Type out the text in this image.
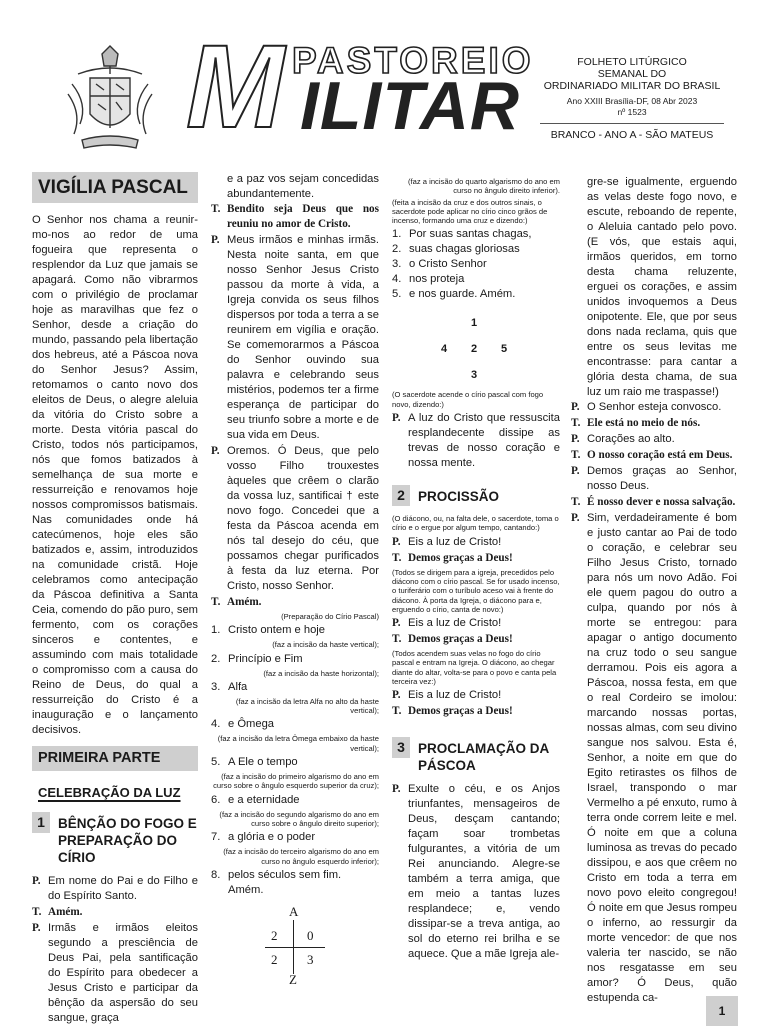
PASTOREIO
M ILITAR
FOLHETO LITÚRGICO
SEMANAL DO
ORDINARIADO MILITAR DO BRASIL
Ano XXIII Brasília-DF, 08 Abr 2023
nº 1523
BRANCO - ANO A - SÃO MATEUS
VIGÍLIA PASCAL
O Senhor nos chama a reunir-mo-nos ao redor de uma fogueira que representa o resplendor da Luz que jamais se apagará. Como não vibrarmos com o privilégio de proclamar hoje as maravilhas que fez o Senhor, desde a criação do mundo, passando pela libertação dos hebreus, até a Páscoa nova do Senhor Jesus? Assim, retomamos o canto novo dos eleitos de Deus, o alegre aleluia da vitória do Cristo sobre a morte. Desta vitória pascal do Cristo, todos nós participamos, nós que fomos batizados à semelhança de sua morte e ressurreição e renovamos hoje nossos compromissos batismais. Nas comunidades onde há catecúmenos, hoje eles são batizados e, assim, introduzidos na comunidade cristã. Hoje celebramos como antecipação da Páscoa definitiva a Santa Ceia, comendo do pão puro, sem fermento, com os corações sinceros e contentes, e assumindo com mais totalidade o compromisso com a causa do Reino de Deus, do qual a ressurreição do Cristo é a inauguração e o lançamento decisivos.
PRIMEIRA PARTE
CELEBRAÇÃO DA LUZ
1 BÊNÇÃO DO FOGO E PREPARAÇÃO DO CÍRIO
P. Em nome do Pai e do Filho e do Espírito Santo.
T. Amém.
P. Irmãs e irmãos eleitos segundo a presciência de Deus Pai, pela santificação do Espírito para obedecer a Jesus Cristo e participar da bênção da aspersão do seu sangue, graça
e a paz vos sejam concedidas abundantemente.
T. Bendito seja Deus que nos reuniu no amor de Cristo.
P. Meus irmãos e minhas irmãs. Nesta noite santa, em que nosso Senhor Jesus Cristo passou da morte à vida, a Igreja convida os seus filhos dispersos por toda a terra a se reunirem em vigília e oração. Se comemorarmos a Páscoa do Senhor ouvindo sua palavra e celebrando seus mistérios, podemos ter a firme esperança de participar do seu triunfo sobre a morte e de sua vida em Deus.
P. Oremos. Ó Deus, que pelo vosso Filho trouxestes àqueles que crêem o clarão da vossa luz, santificai † este novo fogo. Concedei que a festa da Páscoa acenda em nós tal desejo do céu, que possamos chegar purificados à festa da luz eterna. Por Cristo, nosso Senhor.
T. Amém.
(Preparação do Círio Pascal)
1. Cristo ontem e hoje
(faz a incisão da haste vertical);
2. Princípio e Fim
(faz a incisão da haste horizontal);
3. Alfa
(faz a incisão da letra Alfa no alto da haste vertical);
4. e Ômega
(faz a incisão da letra Ômega embaixo da haste vertical);
5. A Ele o tempo
(faz a incisão do primeiro algarismo do ano em curso sobre o ângulo esquerdo superior da cruz);
6. e a eternidade
(faz a incisão do segundo algarismo do ano em curso sobre o ângulo direito superior);
7. a glória e o poder
(faz a incisão do terceiro algarismo do ano em curso no ângulo esquerdo inferior);
8. pelos séculos sem fim. Amém.
A
Z
2 0
2 3
(faz a incisão do quarto algarismo do ano em curso no ângulo direito inferior).
(feita a incisão da cruz e dos outros sinais, o sacerdote pode aplicar no círio cinco grãos de incenso, formando uma cruz e dizendo:)
1. Por suas santas chagas,
2. suas chagas gloriosas
3. o Cristo Senhor
4. nos proteja
5. e nos guarde. Amém.
1
4 2 5
3
(O sacerdote acende o círio pascal com fogo novo, dizendo:)
P. A luz do Cristo que ressuscita resplandecente dissipe as trevas de nosso coração e nossa mente.
2 PROCISSÃO
(O diácono, ou, na falta dele, o sacerdote, toma o círio e o ergue por algum tempo, cantando:)
P. Eis a luz de Cristo!
T. Demos graças a Deus!
(Todos se dirigem para a igreja, precedidos pelo diácono com o círio pascal. Se for usado incenso, o turiferário com o turíbulo aceso vai à frente do diácono. À porta da Igreja, o diácono para e, erguendo o círio, canta de novo:)
P. Eis a luz de Cristo!
T. Demos graças a Deus!
(Todos acendem suas velas no fogo do círio pascal e entram na Igreja. O diácono, ao chegar diante do altar, volta-se para o povo e canta pela terceira vez:)
P. Eis a luz de Cristo!
T. Demos graças a Deus!
3 PROCLAMAÇÃO DA PÁSCOA
P. Exulte o céu, e os Anjos triunfantes, mensageiros de Deus, desçam cantando; façam soar trombetas fulgurantes, a vitória de um Rei anunciando. Alegre-se também a terra amiga, que em meio a tantas luzes resplandece; e, vendo dissipar-se a treva antiga, ao sol do eterno rei brilha e se aquece. Que a mãe Igreja ale-
gre-se igualmente, erguendo as velas deste fogo novo, e escute, reboando de repente, o Aleluia cantado pelo povo. (E vós, que estais aqui, irmãos queridos, em torno desta chama reluzente, erguei os corações, e assim unidos invoquemos a Deus onipotente. Ele, que por seus dons nada reclama, quis que entre os seus levitas me encontrasse: para cantar a glória desta chama, de sua luz um raio me traspasse!)
P. O Senhor esteja convosco.
T. Ele está no meio de nós.
P. Corações ao alto.
T. O nosso coração está em Deus.
P. Demos graças ao Senhor, nosso Deus.
T. É nosso dever e nossa salvação.
P. Sim, verdadeiramente é bom e justo cantar ao Pai de todo o coração, e celebrar seu Filho Jesus Cristo, tornado para nós um novo Adão. Foi ele quem pagou do outro a culpa, quando por nós à morte se entregou: para apagar o antigo documento na cruz todo o seu sangue derramou. Pois eis agora a Páscoa, nossa festa, em que o real Cordeiro se imolou: marcando nossas portas, nossas almas, com seu divino sangue nos salvou. Esta é, Senhor, a noite em que do Egito retirastes os filhos de Israel, transpondo o mar Vermelho a pé enxuto, rumo à terra onde correm leite e mel. Ó noite em que a coluna luminosa as trevas do pecado dissipou, e aos que crêem no Cristo em toda a terra em novo povo eleito congregou! Ó noite em que Jesus rompeu o inferno, ao ressurgir da morte vencedor: de que nos valeria ter nascido, se não nos resgatasse em seu amor? Ó Deus, quão estupenda ca-
1
